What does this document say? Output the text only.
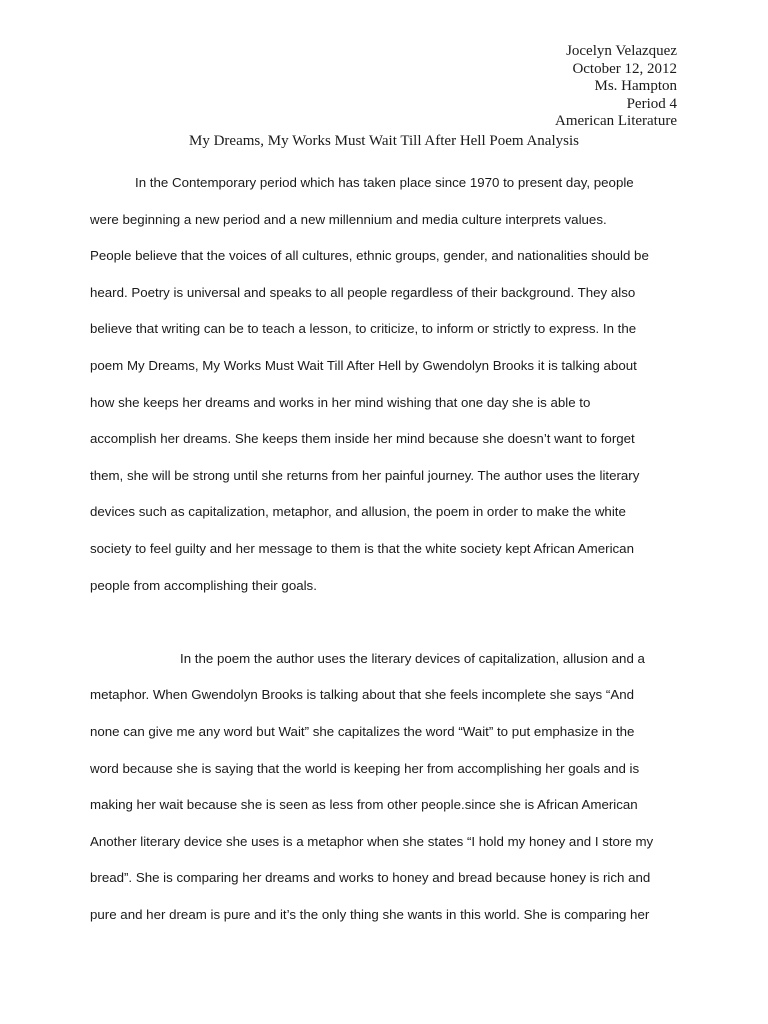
Jocelyn Velazquez
October 12, 2012
Ms. Hampton
Period 4
American Literature
My Dreams, My Works Must Wait Till After Hell Poem Analysis
In the Contemporary period which has taken place since 1970 to present day, people
were beginning a new period and a new millennium and media culture interprets values.
People believe that the voices of all cultures, ethnic groups, gender, and nationalities should be
heard. Poetry is universal and speaks to all people regardless of their background. They also
believe that writing can be to teach a lesson, to criticize, to inform or strictly to express. In the
poem My Dreams, My Works Must Wait Till After Hell by Gwendolyn Brooks it is talking about
how she keeps her dreams and works in her mind wishing that one day she is able to
accomplish her dreams. She keeps them inside her mind because she doesn’t want to forget
them, she will be strong until she returns from her painful journey. The author uses the literary
devices such as capitalization, metaphor, and allusion, the poem in order to make the white
society to feel guilty and her message to them is that the white society kept African American
people from accomplishing their goals.
In the poem the author uses the literary devices of capitalization, allusion and a
metaphor. When Gwendolyn Brooks is talking about that she feels incomplete she says “And
none can give me any word but Wait” she capitalizes the word “Wait” to put emphasize in the
word because she is saying that the world is keeping her from accomplishing her goals and is
making her wait because she is seen as less from other people.since she is African American
Another literary device she uses is a metaphor when she states “I hold my honey and I store my
bread”. She is comparing her dreams and works to honey and bread because honey is rich and
pure and her dream is pure and it’s the only thing she wants in this world. She is comparing her
